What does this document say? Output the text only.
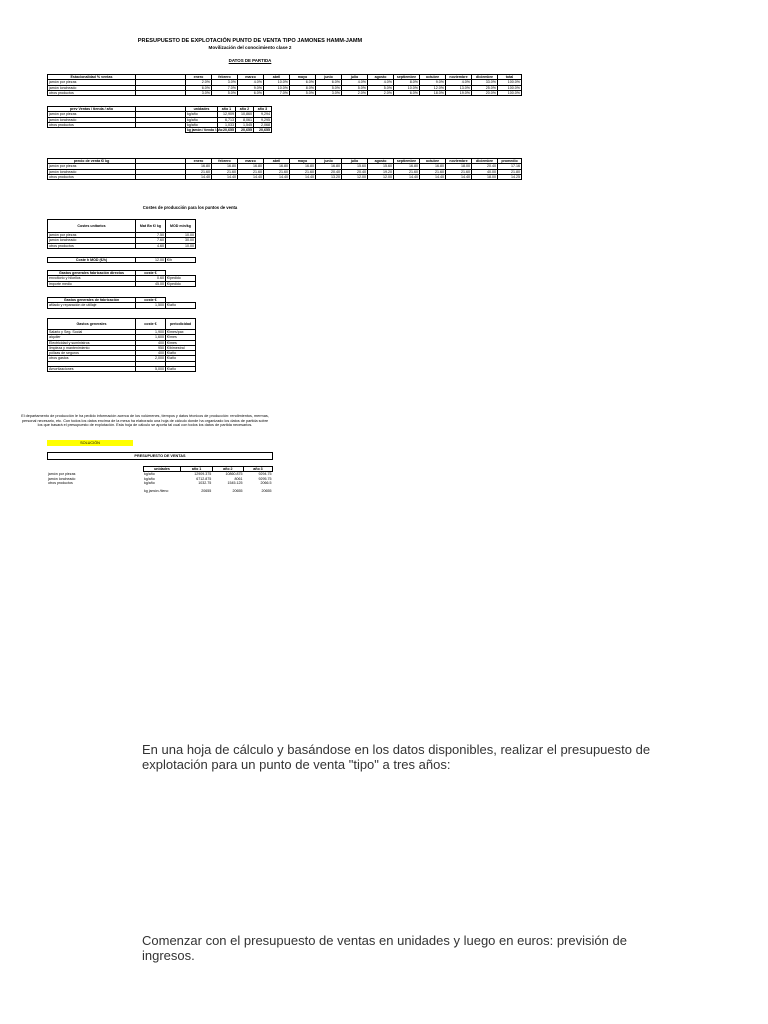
PRESUPUESTO DE EXPLOTACIÓN PUNTO DE VENTA TIPO JAMONES HAMM-JAMM
Movilización del conocimiento clase 2
DATOS DE PARTIDA
Estacionalidad % ventas		enero	febrero	marzo	abril	mayo	junio	julio	agosto	septiembre	octubre	noviembre	diciembre	total
jamón por piezas		2.0%	3.0%	4.0%	10.0%	6.0%	6.0%	4.0%	4.0%	8.0%	9.0%	4.0%	33.0%	100.0%
jamón loncheado		6.0%	7.0%	9.0%	10.0%	8.0%	5.0%	5.0%	5.0%	10.0%	12.0%	13.0%	25.0%	100.0%
otros productos		3.0%	5.0%	6.0%	7.0%	5.0%	3.0%	2.0%	2.0%	6.0%	18.0%	19.0%	20.0%	100.0%
prev Ventas / tienda / año		unidades	año 1	año 2	año 3
jamón por piezas		kg/año	12,909	10,860	9,294
jamón loncheado		kg/año	6,713	8,061	9,295
otros productos		kg/año	1,033	1,545	2,068
		kg jamón / tienda / año	20,655	20,655	20,655
precio de venta €/ kg		enero	febrero	marzo	abril	mayo	junio	julio	agosto	septiembre	octubre	noviembre	diciembre	promedio
jamón por piezas		16.80	16.80	16.80	16.80	16.80	16.80	15.60	15.60	16.80	16.80	18.00	20.40	17.16
jamón loncheado		21.60	21.60	21.60	21.60	21.60	20.40	20.40	19.20	21.60	21.60	21.60	40.00	21.80
otros productos		14.40	14.40	14.40	14.40	14.40	13.20	12.00	12.00	14.40	14.40	14.40	18.00	14.25
Costes de producción para los puntos de venta
Costes unitarios	Mat Bn €/ kg	MOD min/kg
jamón por piezas	7.50	10.00
jamón loncheado	7.60	30.00
otros productos	4.60	10.00
Coste h MOD (€/h)	12.00	€/h
Gastos generales fabricación directos	coste €	
envoltorio y hilorllos	0.60	€/pedido
importe medio	45.00	€/pedido
Gastos generales de fabricación	coste €	
afilado y reparación de utillaje	1,500	€/año
Gastos generales	coste €	periodicidad
Salario y Seg. Social	1,900	€/mes/pax
alquiler	1,600	€/mes
Electricidad y suministros	400	€/mes
limpieza y mantenimiento	950	€/bimestral
pólizas de seguros	400	€/año
otros gastos	2,000	€/año

Amortizaciones	5,000	€/año
El departamento de producción le ha pedido información acerca de los volúmenes, tiempos y datos técnicos de producción: rendimientos, mermas, personal necesario, etc. Con todos los datos encima de la mesa ha elaborado una hoja de cálculo donde ha organizado los datos de partida sobre los que basará el presupuesto de explotación. Esta hoja de cálculo se aporta tal cual con todos los datos de partida necesarios.
SOLUCIÓN
PRESUPUESTO DE VENTAS
	unidades	año 1	año 2	año 3
jamón por piezas	kg/año	12909.375	10860.875	9294.75
jamón loncheado	kg/año	6712.875	8061	9295.75
otros productos	kg/año	1032.75	1545.125	2066.5

	kg jamón /tieno	20655	20655	20655
En una hoja de cálculo y basándose en los datos disponibles, realizar el presupuesto de explotación para un punto de venta "tipo" a tres años:
Comenzar con el presupuesto de ventas en unidades y luego en euros: previsión de ingresos.
